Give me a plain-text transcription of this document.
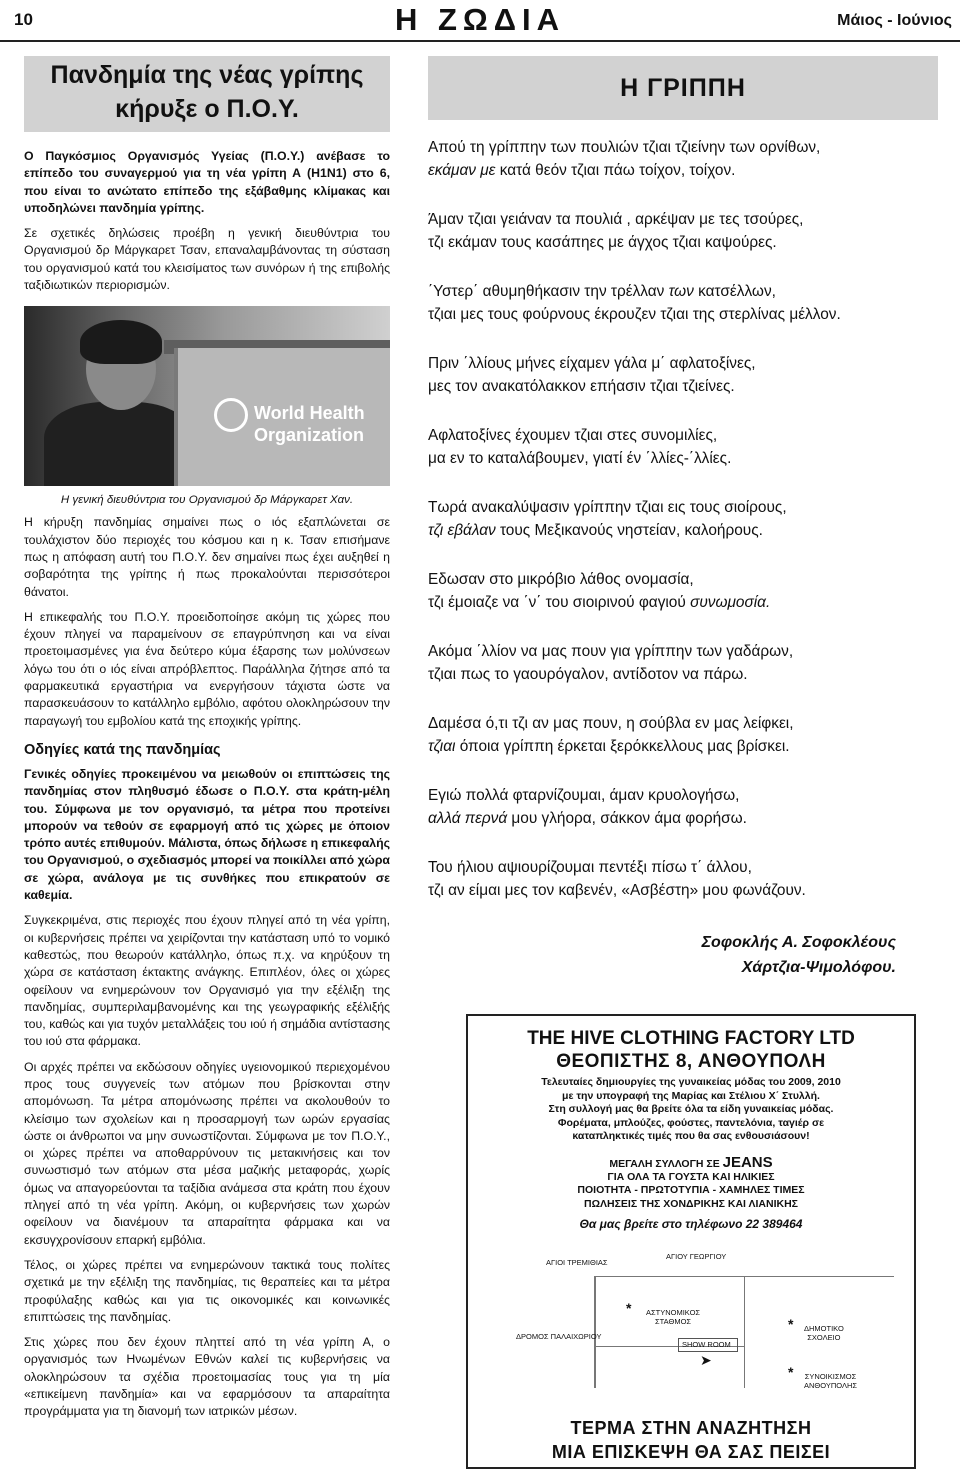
10	Η ΖΩΔΙΑ	Μάιος - Ιούνιος
Πανδημία της νέας γρίπης
κήρυξε ο Π.Ο.Υ.

Ο Παγκόσμιος Οργανισμός Υγείας (Π.Ο.Υ.) ανέβασε το επίπεδο του συναγερμού για τη νέα γρίπη Α (H1N1) στο 6, που είναι το ανώτατο επίπεδο της εξάβαθμης κλίμακας και υποδηλώνει πανδημία γρίπης.

Σε σχετικές δηλώσεις προέβη η γενική διευθύντρια του Οργανισμού δρ Μάργκαρετ Τσαν, επαναλαμβάνοντας τη σύσταση του οργανισμού κατά του κλεισίματος των συνόρων ή της επιβολής ταξιδιωτικών περιορισμών.

World Health Organization

Η γενική διευθύντρια του Οργανισμού δρ Μάργκαρετ Χαν.

Η κήρυξη πανδημίας σημαίνει πως ο ιός εξαπλώνεται σε τουλάχιστον δύο περιοχές του κόσμου και η κ. Τσαν επισήμανε πως η απόφαση αυτή του Π.Ο.Υ. δεν σημαίνει πως έχει αυξηθεί η σοβαρότητα της γρίπης ή πως προκαλούνται περισσότεροι θάνατοι.

Η επικεφαλής του Π.Ο.Υ. προειδοποίησε ακόμη τις χώρες που έχουν πληγεί να παραμείνουν σε επαγρύπνηση και να είναι προετοιμασμένες για ένα δεύτερο κύμα έξαρσης των μολύνσεων λόγω του ότι ο ιός είναι απρόβλεπτος. Παράλληλα ζήτησε από τα φαρμακευτικά εργαστήρια να ενεργήσουν τάχιστα ώστε να παρασκευάσουν το κατάλληλο εμβόλιο, αφότου ολοκληρώσουν την παραγωγή του εμβολίου κατά της εποχικής γρίπης.

Οδηγίες κατά της πανδημίας

Γενικές οδηγίες προκειμένου να μειωθούν οι επιπτώσεις της πανδημίας στον πληθυσμό έδωσε ο Π.Ο.Υ. στα κράτη-μέλη του. Σύμφωνα με τον οργανισμό, τα μέτρα που προτείνει μπορούν να τεθούν σε εφαρμογή από τις χώρες με όποιον τρόπο αυτές επιθυμούν. Μάλιστα, όπως δήλωσε η επικεφαλής του Οργανισμού, ο σχεδιασμός μπορεί να ποικίλλει από χώρα σε χώρα, ανάλογα με τις συνθήκες που επικρατούν σε καθεμία.

Συγκεκριμένα, στις περιοχές που έχουν πληγεί από τη νέα γρίπη, οι κυβερνήσεις πρέπει να χειρίζονται την κατάσταση υπό το νομικό καθεστώς, που θεωρούν κατάλληλο, όπως π.χ. να κηρύξουν τη χώρα σε κατάσταση έκτακτης ανάγκης. Επιπλέον, όλες οι χώρες οφείλουν να ενημερώνουν τον Οργανισμό για την εξέλιξη της πανδημίας, συμπεριλαμβανομένης και της γεωγραφικής εξέλιξής του, καθώς και για τυχόν μεταλλάξεις του ιού ή σημάδια αντίστασης του ιού στα φάρμακα.

Οι αρχές πρέπει να εκδώσουν οδηγίες υγειονομικού περιεχομένου προς τους συγγενείς των ατόμων που βρίσκονται στην απομόνωση. Τα μέτρα απομόνωσης πρέπει να ακολουθούν το κλείσιμο των σχολείων και η προσαρμογή των ωρών εργασίας ώστε οι άνθρωποι να μην συνωστίζονται. Σύμφωνα με τον Π.Ο.Υ., οι χώρες πρέπει να αποθαρρύνουν τις μετακινήσεις και τον συνωστισμό των ατόμων στα μέσα μαζικής μεταφοράς, χωρίς όμως να απαγορεύονται τα ταξίδια ανάμεσα στα κράτη που έχουν πληγεί από τη νέα γρίπη. Ακόμη, οι κυβερνήσεις των χωρών οφείλουν να διανέμουν τα απαραίτητα φάρμακα και να εκσυγχρονίσουν επαρκή εμβόλια.

Τέλος, οι χώρες πρέπει να ενημερώνουν τακτικά τους πολίτες σχετικά με την εξέλιξη της πανδημίας, τις θεραπείες και τα μέτρα προφύλαξης καθώς και για τις οικονομικές και κοινωνικές επιπτώσεις της πανδημίας.

Στις χώρες που δεν έχουν πληττεί από τη νέα γρίπη Α, ο οργανισμός των Ηνωμένων Εθνών καλεί τις κυβερνήσεις να ολοκληρώσουν τα σχέδια προετοιμασίας τους για τη μία «επικείμενη πανδημία» και να εφαρμόσουν τα απαραίτητα προγράμματα για τη διανομή των ιατρικών μέσων.

Η ΓΡΙΠΠΗ
Απού τη γρίππην των πουλιών τζιαι τζιείνην των ορνίθων,
εκάμαν με κατά θεόν τζιαι πάω τοίχον, τοίχον.
Άμαν τζιαι γειάναν τα πουλιά , αρκέψαν με τες τσούρες,
τζι εκάμαν τους κασάπηες με άγχος τζιαι καψούρες.
΄Υστερ΄ αθυμηθήκασιν την τρέλλαν των κατσέλλων,
τζιαι μες τους φούρνους έκρουζεν τζιαι της στερλίνας μέλλον.
Πριν ΄λλίους μήνες είχαμεν γάλα μ΄ αφλατοξίνες,
μες τον ανακατόλακκον επήασιν τζιαι τζιείνες.
Αφλατοξίνες έχουμεν τζιαι στες συνομιλίες,
μα εν το καταλάβουμεν, γιατί έν ΄λλίες-΄λλίες.
Τωρά ανακαλύψασιν γρίππην τζιαι εις τους σιοίρους,
τζι εβάλαν τους Μεξικανούς νηστείαν, καλοήρους.
Εδωσαν στο μικρόβιο λάθος ονομασία,
τζι έμοιαζε να ΄ν΄ του σιοιρινού φαγιού συνωμοσία.
Ακόμα ΄λλίον να μας πουν για γρίππην των γαδάρων,
τζιαι πως το γαουρόγαλον, αντίδοτον να πάρω.
Δαμέσα ό,τι τζι αν μας πουν, η σούβλα εν μας λείφκει,
τζιαι όποια γρίππη έρκεται ξερόκκελλους μας βρίσκει.
Εγιώ πολλά φταρνίζουμαι, άμαν κρυολογήσω,
αλλά περνά μου γλήορα, σάκκον άμα φορήσω.
Του ήλιου αψιουρίζουμαι πεντέξι πίσω τ΄ άλλου,
τζι αν είμαι μες τον καβενέν, «Ασβέστη» μου φωνάζουν.
Σοφοκλής Α. Σοφοκλέους
Χάρτζια-Ψιμολόφου.
THE HIVE CLOTHING FACTORY LTD
ΘΕΟΠΙΣΤΗΣ 8, ΑΝΘΟΥΠΟΛΗ
Τελευταίες δημιουργίες της γυναικείας μόδας του 2009, 2010
με την υπογραφή της Μαρίας και Στέλιου Χ΄ Στυλλή.
Στη συλλογή μας θα βρείτε όλα τα είδη γυναικείας μόδας.
Φορέματα, μπλούζες, φούστες, παντελόνια, ταγιέρ σε
καταπληκτικές τιμές που θα σας ενθουσιάσουν!
ΜΕΓΑΛΗ ΣΥΛΛΟΓΗ ΣΕ JEANS
ΓΙΑ ΟΛΑ ΤΑ ΓΟΥΣΤΑ ΚΑΙ ΗΛΙΚΙΕΣ
ΠΟΙΟΤΗΤΑ - ΠΡΩΤΟΤΥΠΙΑ - ΧΑΜΗΛΕΣ ΤΙΜΕΣ
ΠΩΛΗΣΕΙΣ ΤΗΣ ΧΟΝΔΡΙΚΗΣ ΚΑΙ ΛΙΑΝΙΚΗΣ
Θα μας βρείτε στο τηλέφωνο 22 389464
ΑΓΙΟΙ ΤΡΕΜΙΘΙΑΣ
ΑΓΙΟΥ ΓΕΩΡΓΙΟΥ
ΔΡΟΜΟΣ ΠΑΛΑΙΧΩΡΙΟΥ
* ΑΣΤΥΝΟΜΙΚΟΣ
ΣΤΑΘΜΟΣ
SHOW ROOM
➤
* ΔΗΜΟΤΙΚΟ
ΣΧΟΛΕΙΟ
* ΣΥΝΟΙΚΙΣΜΟΣ
ΑΝΘΟΥΠΟΛΗΣ
ΤΕΡΜΑ ΣΤΗΝ ΑΝΑΖΗΤΗΣΗ
ΜΙΑ ΕΠΙΣΚΕΨΗ ΘΑ ΣΑΣ ΠΕΙΣΕΙ
